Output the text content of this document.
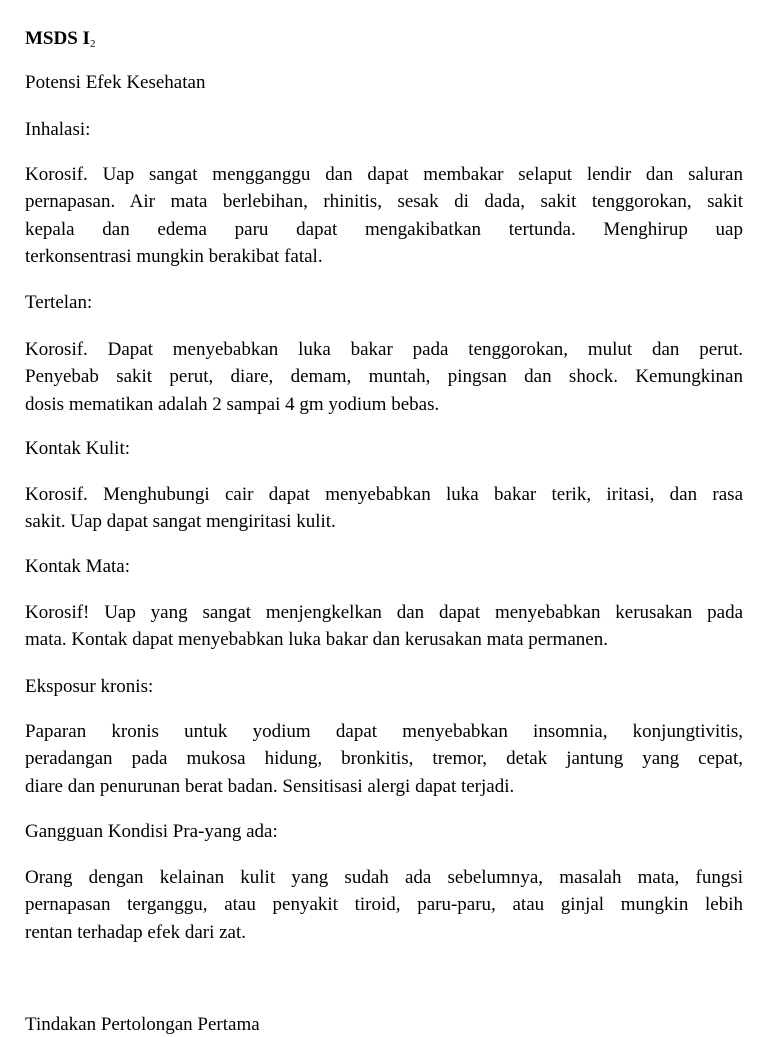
MSDS $I_2$
Potensi Efek Kesehatan
Inhalasi:
Korosif. Uap sangat mengganggu dan dapat membakar selaput lendir dan saluran
pernapasan. Air mata berlebihan, rhinitis, sesak di dada, sakit tenggorokan, sakit
kepala dan edema paru dapat mengakibatkan tertunda. Menghirup uap
terkonsentrasi mungkin berakibat fatal.
Tertelan:
Korosif. Dapat menyebabkan luka bakar pada tenggorokan, mulut dan perut.
Penyebab sakit perut, diare, demam, muntah, pingsan dan shock. Kemungkinan
dosis mematikan adalah 2 sampai 4 gm yodium bebas.
Kontak Kulit:
Korosif. Menghubungi cair dapat menyebabkan luka bakar terik, iritasi, dan rasa
sakit. Uap dapat sangat mengiritasi kulit.
Kontak Mata:
Korosif! Uap yang sangat menjengkelkan dan dapat menyebabkan kerusakan pada
mata. Kontak dapat menyebabkan luka bakar dan kerusakan mata permanen.
Eksposur kronis:
Paparan kronis untuk yodium dapat menyebabkan insomnia, konjungtivitis,
peradangan pada mukosa hidung, bronkitis, tremor, detak jantung yang cepat,
diare dan penurunan berat badan. Sensitisasi alergi dapat terjadi.
Gangguan Kondisi Pra-yang ada:
Orang dengan kelainan kulit yang sudah ada sebelumnya, masalah mata, fungsi
pernapasan terganggu, atau penyakit tiroid, paru-paru, atau ginjal mungkin lebih
rentan terhadap efek dari zat.
Tindakan Pertolongan Pertama
